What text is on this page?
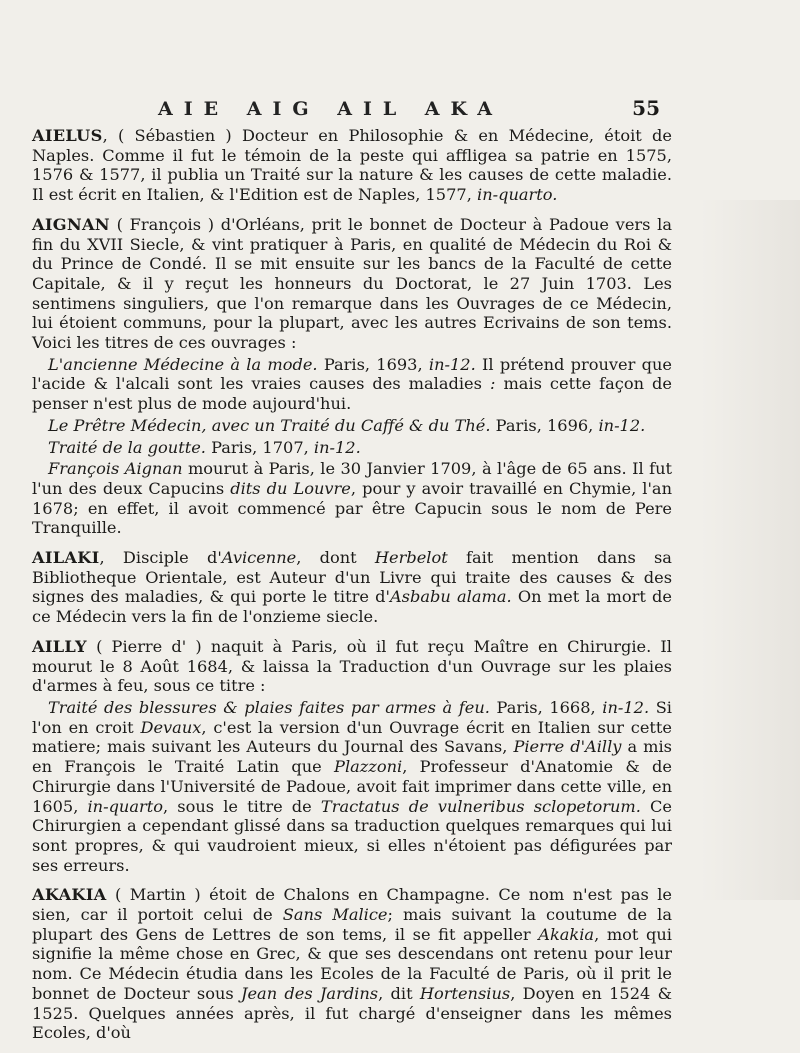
AIE AIG AIL AKA	55

AIELUS, ( Sébastien ) Docteur en Philosophie & en Médecine, étoit de Naples. Comme il fut le témoin de la peste qui affligea sa patrie en 1575, 1576 & 1577, il publia un Traité sur la nature & les causes de cette maladie. Il est écrit en Italien, & l'Edition est de Naples, 1577, in-quarto.

AIGNAN ( François ) d'Orléans, prit le bonnet de Docteur à Padoue vers la fin du XVII Siecle, & vint pratiquer à Paris, en qualité de Médecin du Roi & du Prince de Condé. Il se mit ensuite sur les bancs de la Faculté de cette Capitale, & il y reçut les honneurs du Doctorat, le 27 Juin 1703. Les sentimens singuliers, que l'on remarque dans les Ouvrages de ce Médecin, lui étoient communs, pour la plupart, avec les autres Ecrivains de son tems. Voici les titres de ces ouvrages :

L'ancienne Médecine à la mode. Paris, 1693, in-12. Il prétend prouver que l'acide & l'alcali sont les vraies causes des maladies : mais cette façon de penser n'est plus de mode aujourd'hui.

Le Prêtre Médecin, avec un Traité du Caffé & du Thé. Paris, 1696, in-12.

Traité de la goutte. Paris, 1707, in-12.

François Aignan mourut à Paris, le 30 Janvier 1709, à l'âge de 65 ans. Il fut l'un des deux Capucins dits du Louvre, pour y avoir travaillé en Chymie, l'an 1678; en effet, il avoit commencé par être Capucin sous le nom de Pere Tranquille.

AILAKI, Disciple d'Avicenne, dont Herbelot fait mention dans sa Bibliotheque Orientale, est Auteur d'un Livre qui traite des causes & des signes des maladies, & qui porte le titre d'Asbabu alama. On met la mort de ce Médecin vers la fin de l'onzieme siecle.

AILLY ( Pierre d' ) naquit à Paris, où il fut reçu Maître en Chirurgie. Il mourut le 8 Août 1684, & laissa la Traduction d'un Ouvrage sur les plaies d'armes à feu, sous ce titre :

Traité des blessures & plaies faites par armes à feu. Paris, 1668, in-12. Si l'on en croit Devaux, c'est la version d'un Ouvrage écrit en Italien sur cette matiere; mais suivant les Auteurs du Journal des Savans, Pierre d'Ailly a mis en François le Traité Latin que Plazzoni, Professeur d'Anatomie & de Chirurgie dans l'Université de Padoue, avoit fait imprimer dans cette ville, en 1605, in-quarto, sous le titre de Tractatus de vulneribus sclopetorum. Ce Chirurgien a cependant glissé dans sa traduction quelques remarques qui lui sont propres, & qui vaudroient mieux, si elles n'étoient pas défigurées par ses erreurs.

AKAKIA ( Martin ) étoit de Chalons en Champagne. Ce nom n'est pas le sien, car il portoit celui de Sans Malice; mais suivant la coutume de la plupart des Gens de Lettres de son tems, il se fit appeller Akakia, mot qui signifie la même chose en Grec, & que ses descendans ont retenu pour leur nom. Ce Médecin étudia dans les Ecoles de la Faculté de Paris, où il prit le bonnet de Docteur sous Jean des Jardins, dit Hortensius, Doyen en 1524 & 1525. Quelques années après, il fut chargé d'enseigner dans les mêmes Ecoles, d'où
